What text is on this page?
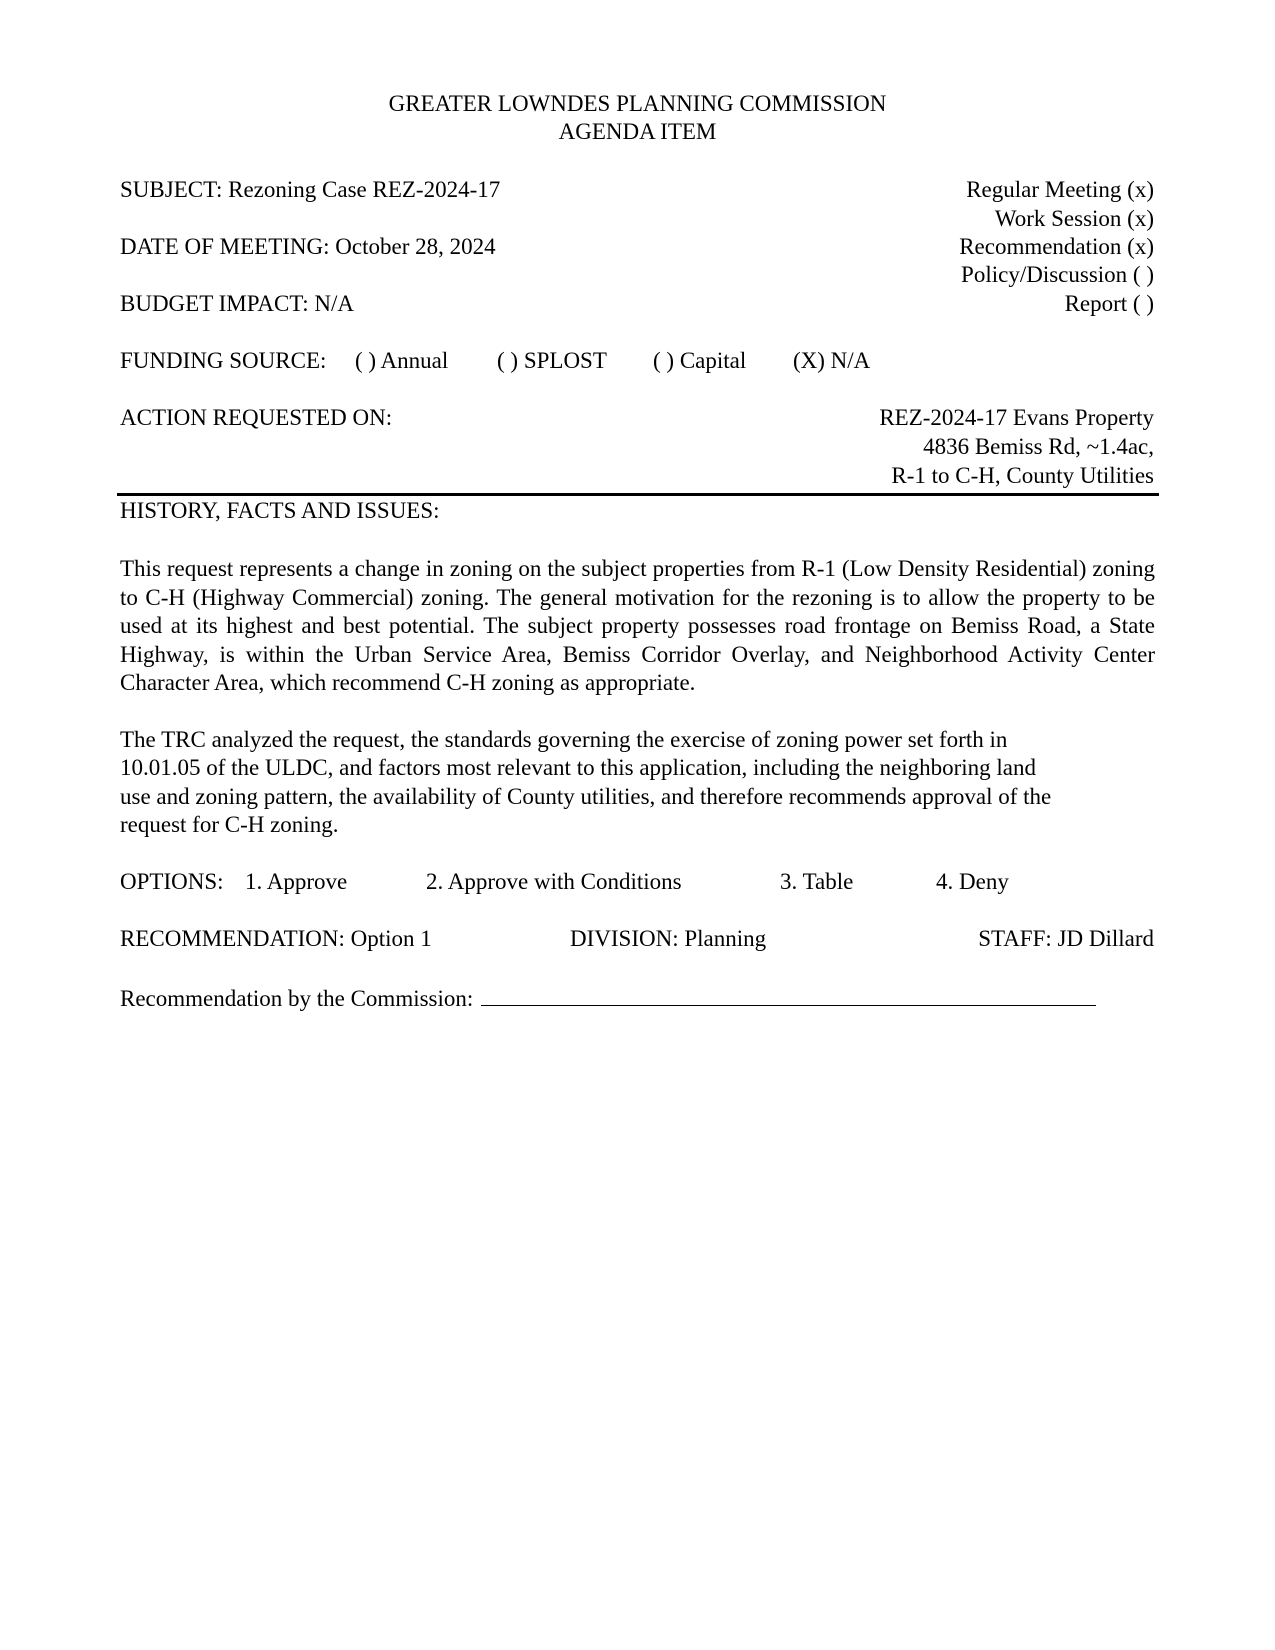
GREATER LOWNDES PLANNING COMMISSION
AGENDA ITEM
SUBJECT: Rezoning Case REZ-2024-17
DATE OF MEETING: October 28, 2024
BUDGET IMPACT: N/A
Regular Meeting (x)
Work Session (x)
Recommendation (x)
Policy/Discussion ( )
Report ( )
FUNDING SOURCE: ( ) Annual ( ) SPLOST ( ) Capital (X) N/A
ACTION REQUESTED ON:	REZ-2024-17 Evans Property
4836 Bemiss Rd, ~1.4ac,
R-1 to C-H, County Utilities
HISTORY, FACTS AND ISSUES:
This request represents a change in zoning on the subject properties from R-1 (Low Density Residential) zoning to C-H (Highway Commercial) zoning. The general motivation for the rezoning is to allow the property to be used at its highest and best potential. The subject property possesses road frontage on Bemiss Road, a State Highway, is within the Urban Service Area, Bemiss Corridor Overlay, and Neighborhood Activity Center Character Area, which recommend C-H zoning as appropriate.
The TRC analyzed the request, the standards governing the exercise of zoning power set forth in
10.01.05 of the ULDC, and factors most relevant to this application, including the neighboring land
use and zoning pattern, the availability of County utilities, and therefore recommends approval of the
request for C-H zoning.
OPTIONS: 1. Approve	2. Approve with Conditions	3. Table	4. Deny
RECOMMENDATION: Option 1	DIVISION: Planning	STAFF: JD Dillard
Recommendation by the Commission:
